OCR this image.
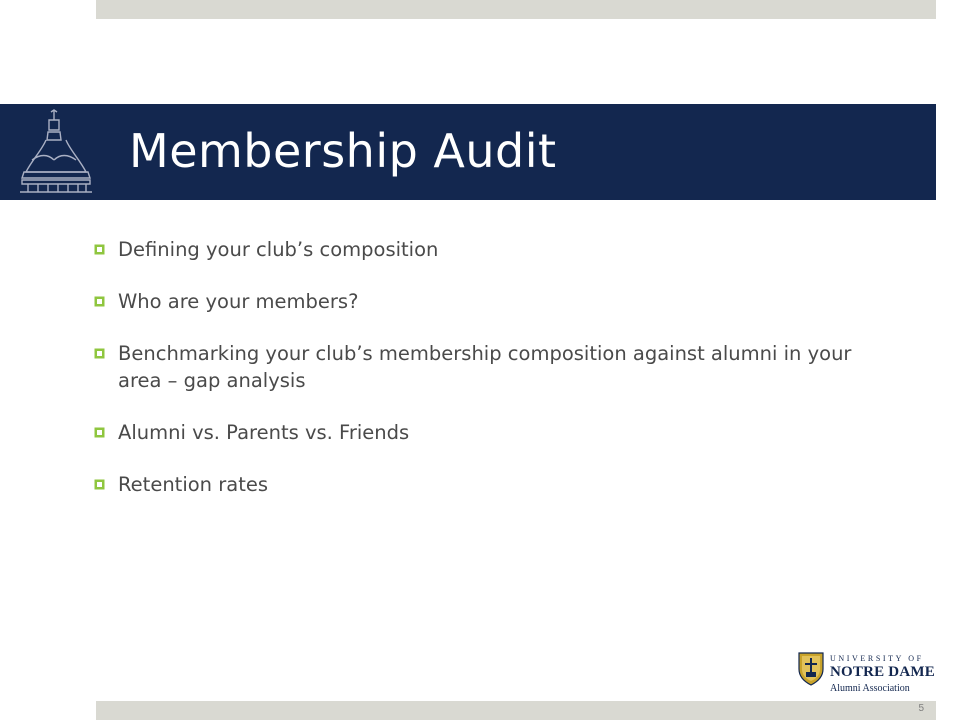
Membership Audit
Defining your club’s composition
Who are your members?
Benchmarking your club’s membership composition against alumni in your area – gap analysis
Alumni vs. Parents vs. Friends
Retention rates
UNIVERSITY OF
NOTRE DAME
Alumni Association
5
